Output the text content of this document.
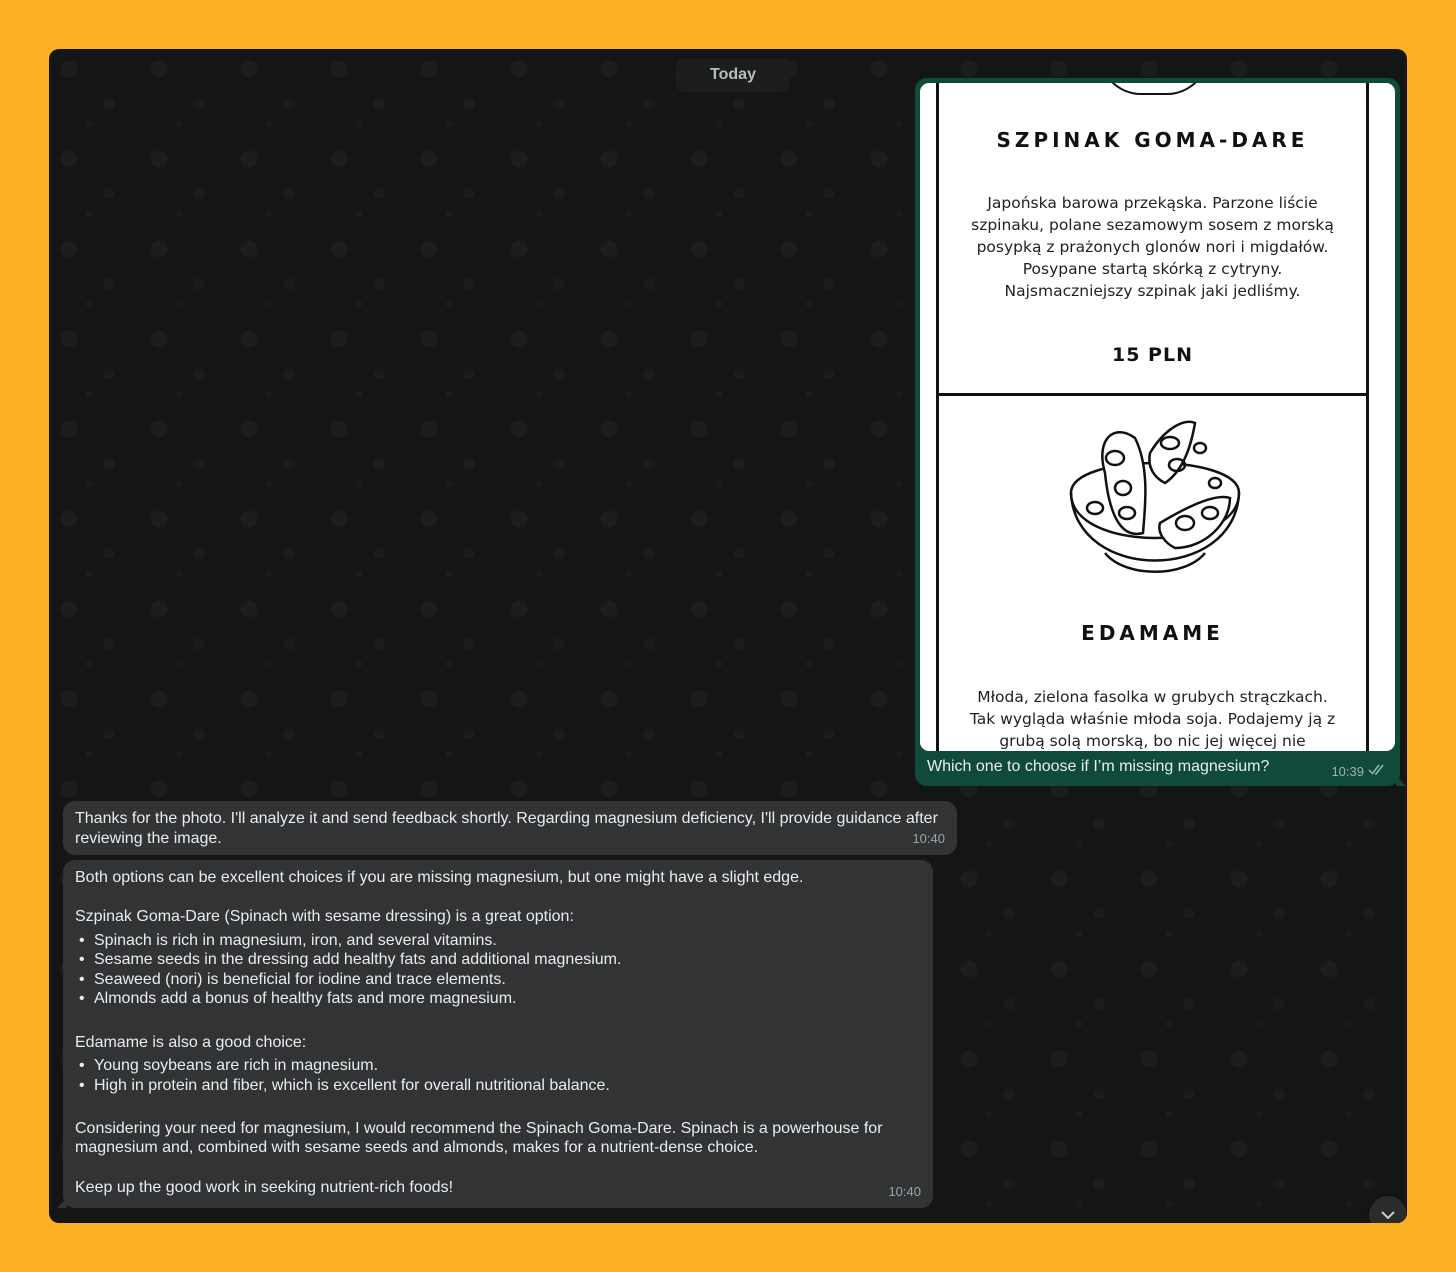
Today
SZPINAK GOMA-DARE
Japońska barowa przekąska. Parzone liście szpinaku, polane sezamowym sosem z morską posypką z prażonych glonów nori i migdałów. Posypane startą skórką z cytryny. Najsmaczniejszy szpinak jaki jedliśmy.
15 PLN
EDAMAME
Młoda, zielona fasolka w grubych strączkach. Tak wygląda właśnie młoda soja. Podajemy ją z grubą solą morską, bo nic jej więcej nie
Which one to choose if I’m missing magnesium?	10:39
Thanks for the photo. I'll analyze it and send feedback shortly. Regarding magnesium deficiency, I'll provide guidance after reviewing the image.	10:40

Both options can be excellent choices if you are missing magnesium, but one might have a slight edge.

Szpinak Goma-Dare (Spinach with sesame dressing) is a great option:

• Spinach is rich in magnesium, iron, and several vitamins.
• Sesame seeds in the dressing add healthy fats and additional magnesium.
• Seaweed (nori) is beneficial for iodine and trace elements.
• Almonds add a bonus of healthy fats and more magnesium.

Edamame is also a good choice:

• Young soybeans are rich in magnesium.
• High in protein and fiber, which is excellent for overall nutritional balance.

Considering your need for magnesium, I would recommend the Spinach Goma-Dare. Spinach is a powerhouse for magnesium and, combined with sesame seeds and almonds, makes for a nutrient-dense choice.

Keep up the good work in seeking nutrient-rich foods!	10:40
